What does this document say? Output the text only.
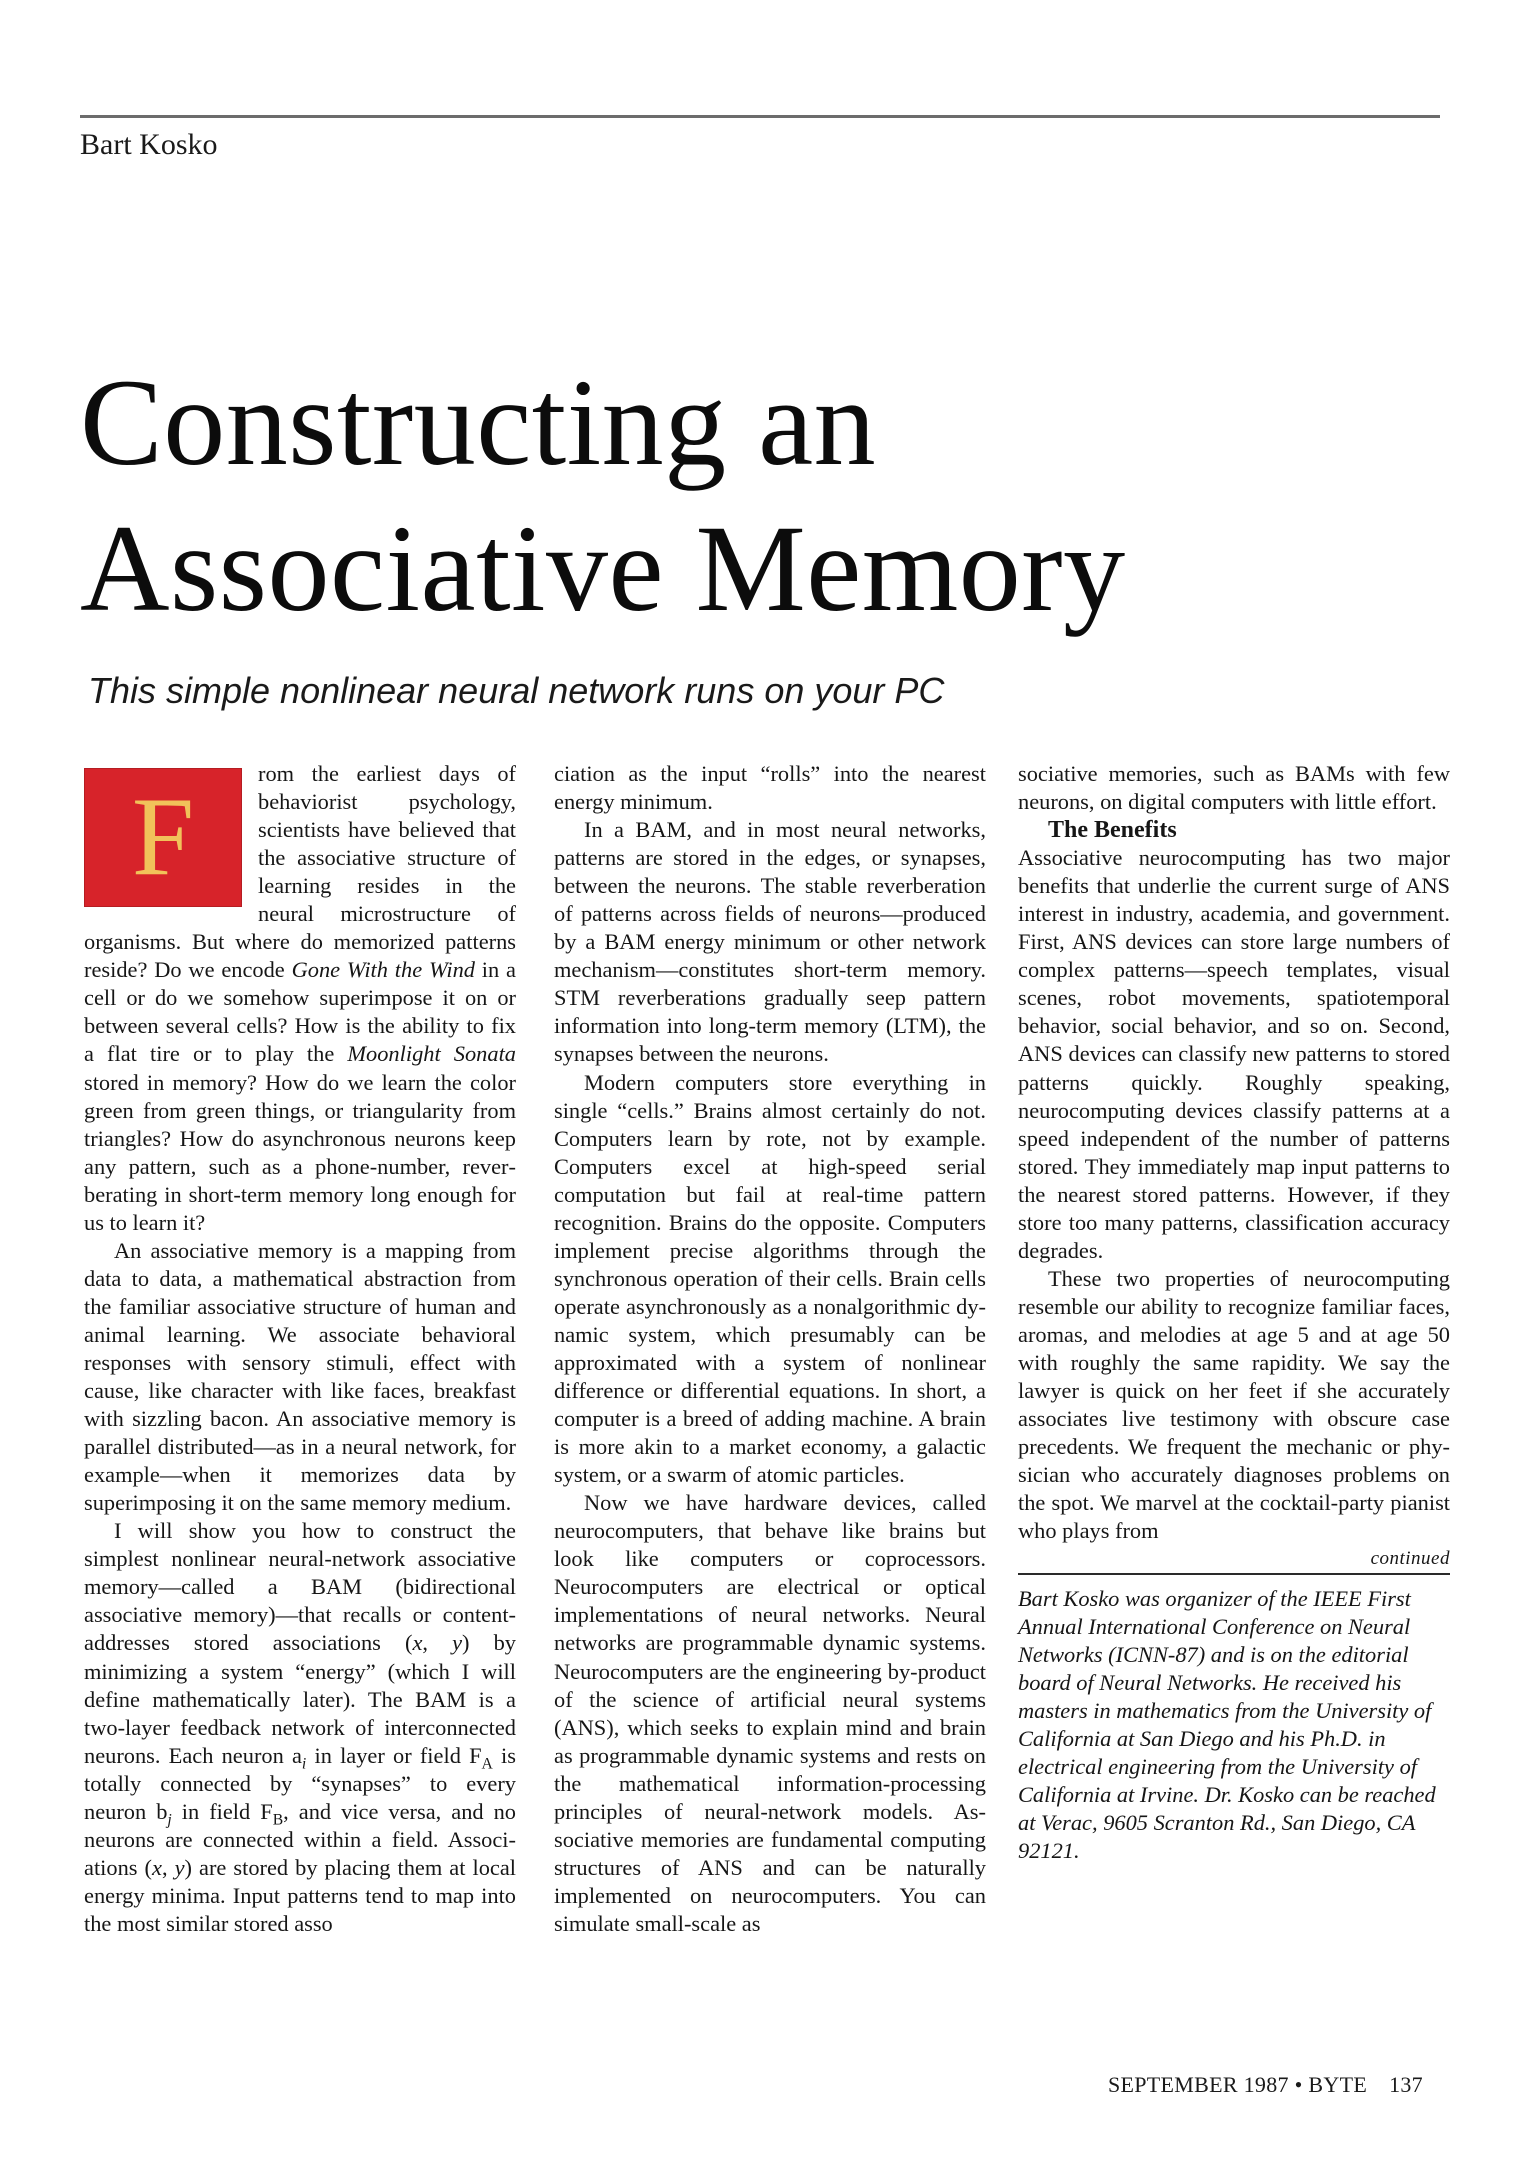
Bart Kosko
Constructing an
Associative Memory
This simple nonlinear neural network runs on your PC

F
rom the earliest days of behaviorist psychology, scientists have believed that the associative structure of learning resides in the neural microstructure of organisms. But where do memorized patterns reside? Do we encode Gone With the Wind in a cell or do we somehow superimpose it on or between several cells? How is the ability to fix a flat tire or to play the Moonlight Sonata stored in memory? How do we learn the color green from green things, or triangularity from triangles? How do asynchronous neurons keep any pattern, such as a phone-number, reverberating in short-term memory long enough for us to learn it?

An associative memory is a mapping from data to data, a mathematical abstraction from the familiar associative structure of human and animal learning. We associate behavioral responses with sensory stimuli, effect with cause, like character with like faces, breakfast with sizzling bacon. An associative memory is parallel distributed—as in a neural network, for example—when it memorizes data by superimposing it on the same memory medium.

I will show you how to construct the simplest nonlinear neural-network associative memory—called a BAM (bidirectional associative memory)—that recalls or content-addresses stored associations (x, y) by minimizing a system “energy” (which I will define mathematically later). The BAM is a two-layer feedback network of interconnected neurons. Each neuron $a_i$ in layer or field $F_A$ is totally connected by “synapses” to every neuron $b_j$ in field $F_B$, and vice versa, and no neurons are connected within a field. Associations (x, y) are stored by placing them at local energy minima. Input patterns tend to map into the most similar stored asso

ciation as the input “rolls” into the nearest energy minimum.

In a BAM, and in most neural networks, patterns are stored in the edges, or synapses, between the neurons. The stable reverberation of patterns across fields of neurons—produced by a BAM energy minimum or other network mechanism—constitutes short-term memory. STM reverberations gradually seep pattern information into long-term memory (LTM), the synapses between the neurons.

Modern computers store everything in single “cells.” Brains almost certainly do not. Computers learn by rote, not by example. Computers excel at high-speed serial computation but fail at real-time pattern recognition. Brains do the opposite. Computers implement precise algorithms through the synchronous operation of their cells. Brain cells operate asynchronously as a nonalgorithmic dynamic system, which presumably can be approximated with a system of nonlinear difference or differential equations. In short, a computer is a breed of adding machine. A brain is more akin to a market economy, a galactic system, or a swarm of atomic particles.

Now we have hardware devices, called neurocomputers, that behave like brains but look like computers or coprocessors. Neurocomputers are electrical or optical implementations of neural networks. Neural networks are programmable dynamic systems. Neurocomputers are the engineering by-product of the science of artificial neural systems (ANS), which seeks to explain mind and brain as programmable dynamic systems and rests on the mathematical information-processing principles of neural-network models. Associative memories are fundamental computing structures of ANS and can be naturally implemented on neurocomputers. You can simulate small-scale as

sociative memories, such as BAMs with few neurons, on digital computers with little effort.

The Benefits

Associative neurocomputing has two major benefits that underlie the current surge of ANS interest in industry, academia, and government. First, ANS devices can store large numbers of complex patterns—speech templates, visual scenes, robot movements, spatiotemporal behavior, social behavior, and so on. Second, ANS devices can classify new patterns to stored patterns quickly. Roughly speaking, neurocomputing devices classify patterns at a speed independent of the number of patterns stored. They immediately map input patterns to the nearest stored patterns. However, if they store too many patterns, classification accuracy degrades.

These two properties of neurocomputing resemble our ability to recognize familiar faces, aromas, and melodies at age 5 and at age 50 with roughly the same rapidity. We say the lawyer is quick on her feet if she accurately associates live testimony with obscure case precedents. We frequent the mechanic or physician who accurately diagnoses problems on the spot. We marvel at the cocktail-party pianist who plays from

continued

Bart Kosko was organizer of the IEEE First Annual International Conference on Neural Networks (ICNN-87) and is on the editorial board of Neural Networks. He received his masters in mathematics from the University of California at San Diego and his Ph.D. in electrical engineering from the University of California at Irvine. Dr. Kosko can be reached at Verac, 9605 Scranton Rd., San Diego, CA 92121.

SEPTEMBER 1987 • BYTE 137
